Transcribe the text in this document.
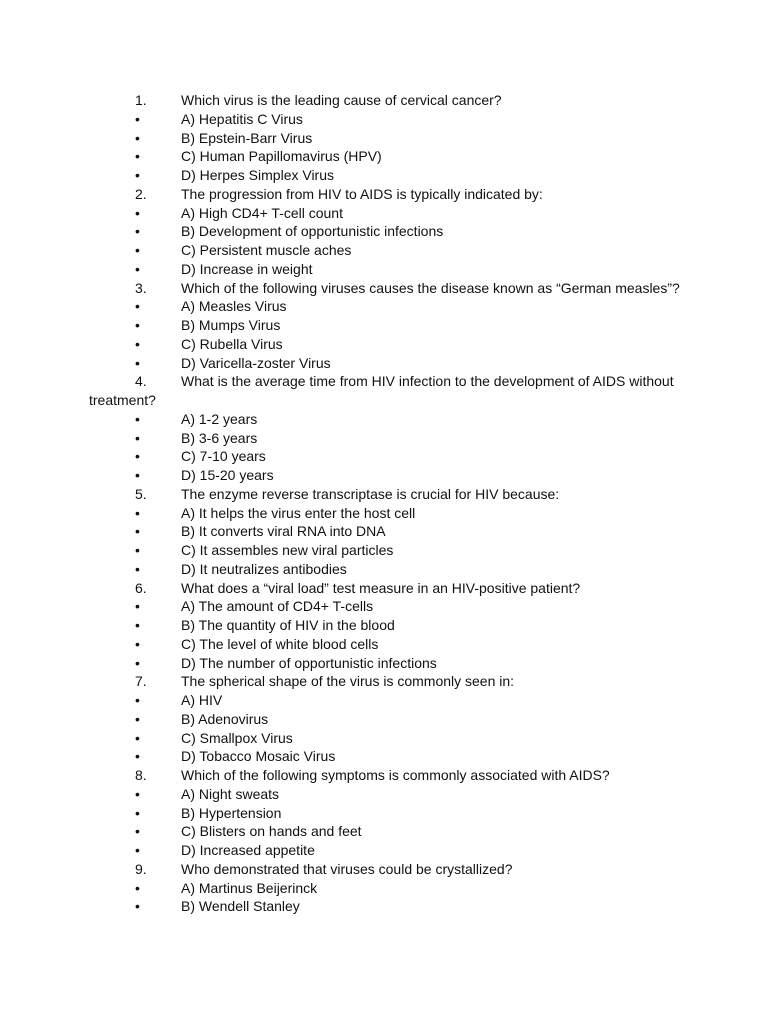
1.	Which virus is the leading cause of cervical cancer?
•	A) Hepatitis C Virus
•	B) Epstein-Barr Virus
•	C) Human Papillomavirus (HPV)
•	D) Herpes Simplex Virus
2.	The progression from HIV to AIDS is typically indicated by:
•	A) High CD4+ T-cell count
•	B) Development of opportunistic infections
•	C) Persistent muscle aches
•	D) Increase in weight
3.	Which of the following viruses causes the disease known as “German measles”?
•	A) Measles Virus
•	B) Mumps Virus
•	C) Rubella Virus
•	D) Varicella-zoster Virus
4.	What is the average time from HIV infection to the development of AIDS without
treatment?
•	A) 1-2 years
•	B) 3-6 years
•	C) 7-10 years
•	D) 15-20 years
5.	The enzyme reverse transcriptase is crucial for HIV because:
•	A) It helps the virus enter the host cell
•	B) It converts viral RNA into DNA
•	C) It assembles new viral particles
•	D) It neutralizes antibodies
6.	What does a “viral load” test measure in an HIV-positive patient?
•	A) The amount of CD4+ T-cells
•	B) The quantity of HIV in the blood
•	C) The level of white blood cells
•	D) The number of opportunistic infections
7.	The spherical shape of the virus is commonly seen in:
•	A) HIV
•	B) Adenovirus
•	C) Smallpox Virus
•	D) Tobacco Mosaic Virus
8.	Which of the following symptoms is commonly associated with AIDS?
•	A) Night sweats
•	B) Hypertension
•	C) Blisters on hands and feet
•	D) Increased appetite
9.	Who demonstrated that viruses could be crystallized?
•	A) Martinus Beijerinck
•	B) Wendell Stanley
